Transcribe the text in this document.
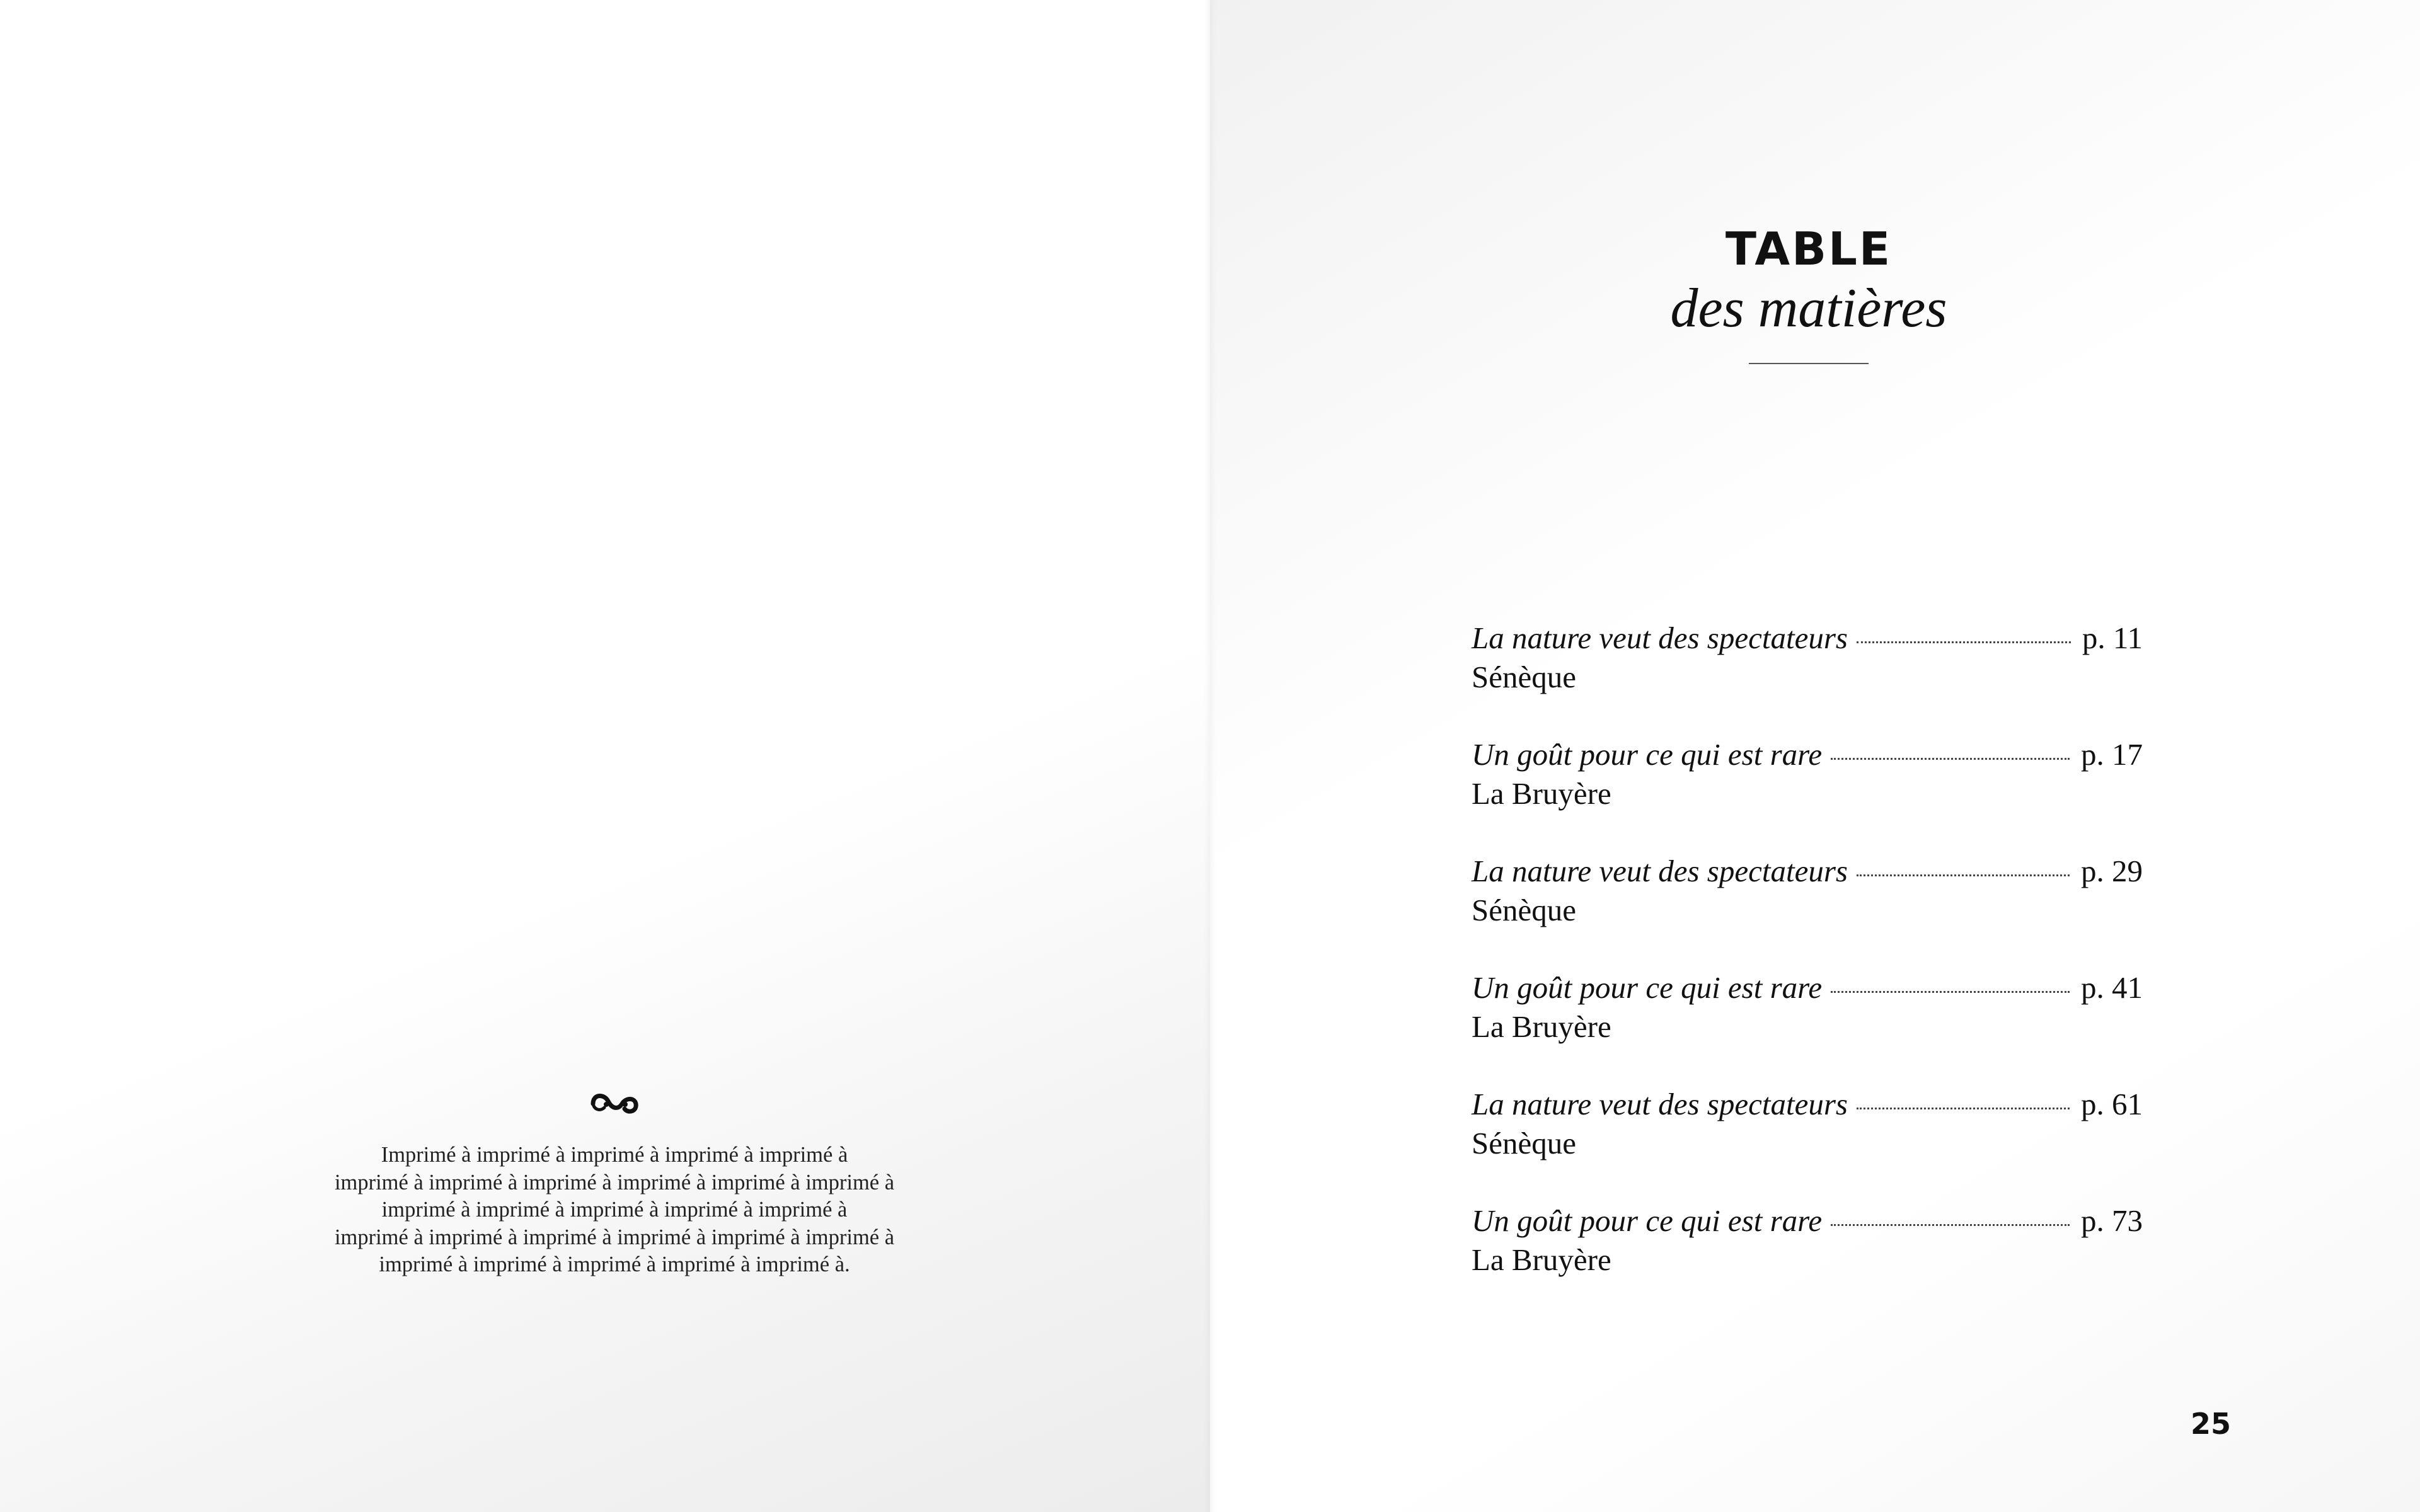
Imprimé à imprimé à imprimé à imprimé à imprimé à
imprimé à imprimé à imprimé à imprimé à imprimé à imprimé à
imprimé à imprimé à imprimé à imprimé à imprimé à
imprimé à imprimé à imprimé à imprimé à imprimé à imprimé à
imprimé à imprimé à imprimé à imprimé à imprimé à.
TABLE
des matières
La nature veut des spectateurs	p. 11
Sénèque
Un goût pour ce qui est rare	p. 17
La Bruyère
La nature veut des spectateurs	p. 29
Sénèque
Un goût pour ce qui est rare	p. 41
La Bruyère
La nature veut des spectateurs	p. 61
Sénèque
Un goût pour ce qui est rare	p. 73
La Bruyère
25
